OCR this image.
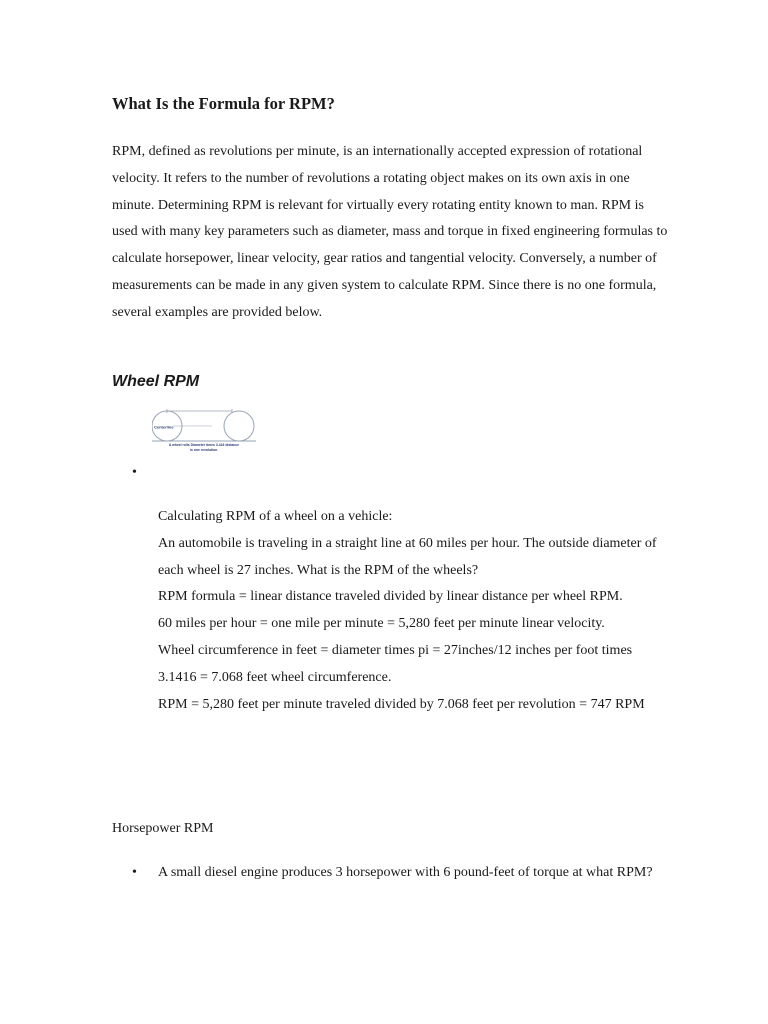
What Is the Formula for RPM?

RPM, defined as revolutions per minute, is an internationally accepted expression of rotational velocity. It refers to the number of revolutions a rotating object makes on its own axis in one minute. Determining RPM is relevant for virtually every rotating entity known to man. RPM is used with many key parameters such as diameter, mass and torque in fixed engineering formulas to calculate horsepower, linear velocity, gear ratios and tangential velocity. Conversely, a number of measurements can be made in any given system to calculate RPM. Since there is no one formula, several examples are provided below.

Wheel RPM
Centerline
A wheel rolls Diameter times 3.416 distance
in one revolution.
•

Calculating RPM of a wheel on a vehicle:
An automobile is traveling in a straight line at 60 miles per hour. The outside diameter of each wheel is 27 inches. What is the RPM of the wheels?
RPM formula = linear distance traveled divided by linear distance per wheel RPM.
60 miles per hour = one mile per minute = 5,280 feet per minute linear velocity.
Wheel circumference in feet = diameter times pi = 27inches/12 inches per foot times 3.1416 = 7.068 feet wheel circumference.
RPM = 5,280 feet per minute traveled divided by 7.068 feet per revolution = 747 RPM

Horsepower RPM
• A small diesel engine produces 3 horsepower with 6 pound-feet of torque at what RPM?
